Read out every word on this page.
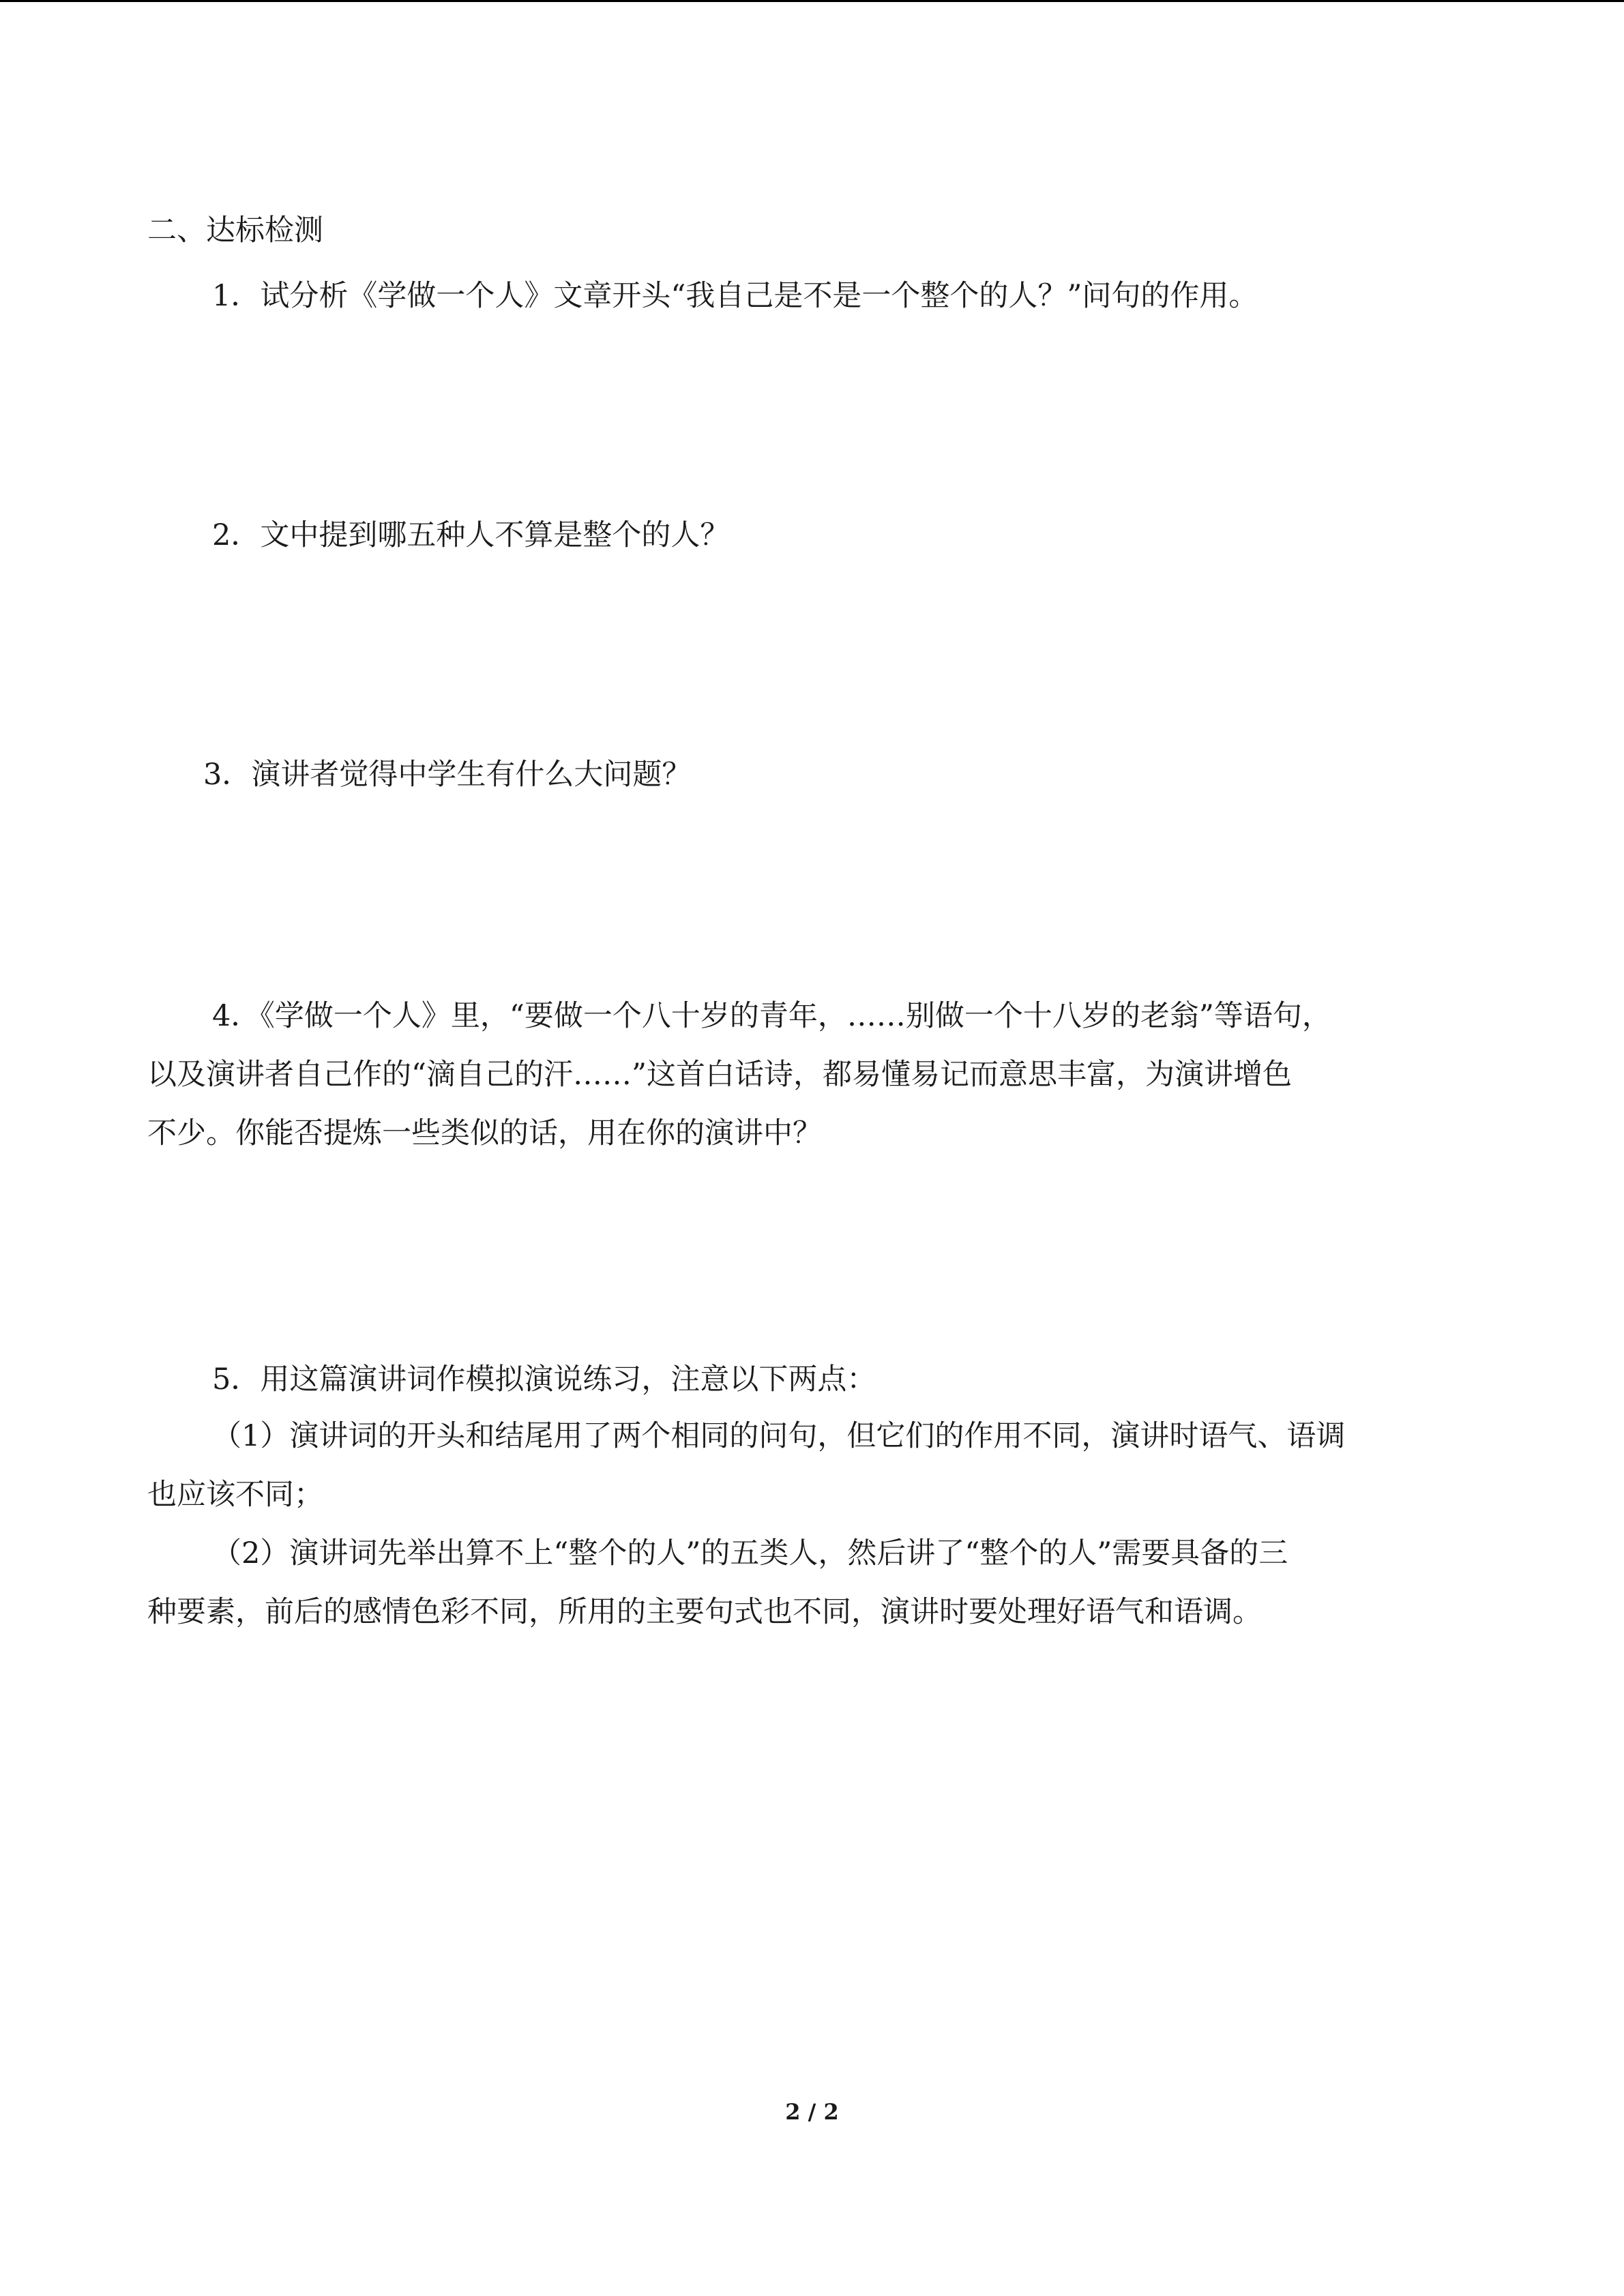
二、达标检测
1．试分析《学做一个人》文章开头“我自己是不是一个整个的人？”问句的作用。
2．文中提到哪五种人不算是整个的人？
3．演讲者觉得中学生有什么大问题？
4．《学做一个人》里，“要做一个八十岁的青年，……别做一个十八岁的老翁”等语句，
以及演讲者自己作的“滴自己的汗……”这首白话诗，都易懂易记而意思丰富，为演讲增色
不少。你能否提炼一些类似的话，用在你的演讲中？
5．用这篇演讲词作模拟演说练习，注意以下两点：
（1）演讲词的开头和结尾用了两个相同的问句，但它们的作用不同，演讲时语气、语调
也应该不同；
（2）演讲词先举出算不上“整个的人”的五类人，然后讲了“整个的人”需要具备的三
种要素，前后的感情色彩不同，所用的主要句式也不同，演讲时要处理好语气和语调。
2 / 2
